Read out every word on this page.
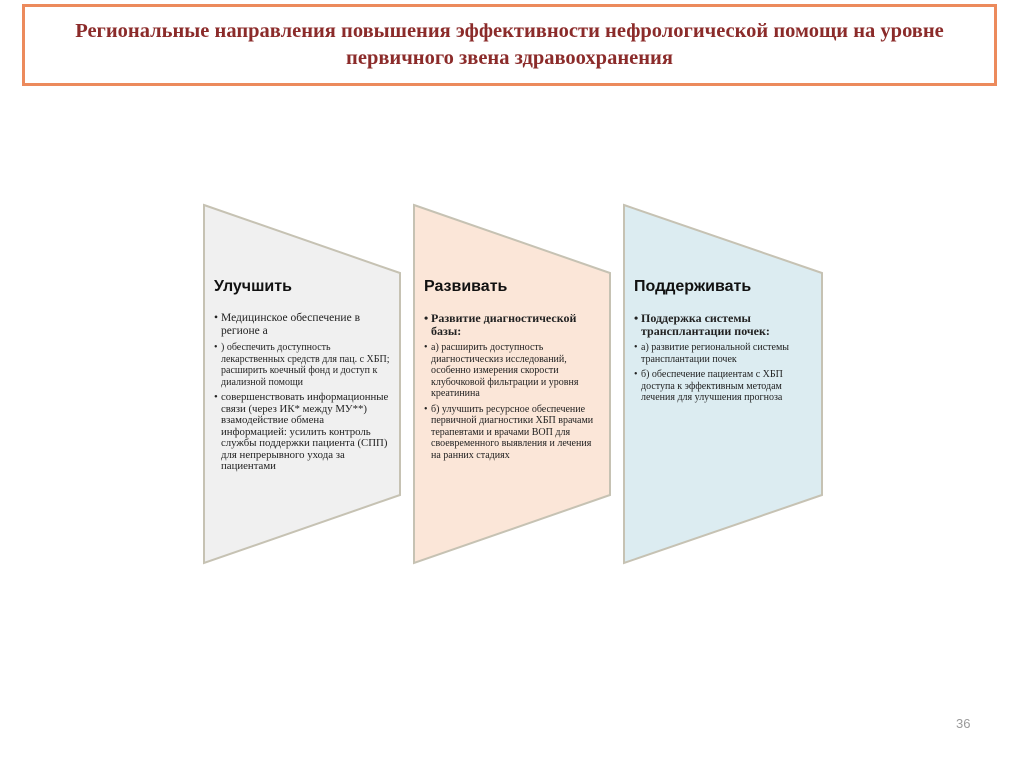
Региональные направления повышения эффективности нефрологической помощи на уровне первичного звена здравоохранения
Улучшить
• Медицинское обеспечение в регионе а
• ) обеспечить доступность лекарственных средств для пац. с ХБП; расширить коечный фонд и доступ к диализной помощи
• совершенствовать информационные связи (через ИК* между МУ**) взамодействие обмена информацией: усилить контроль службы поддержки пациента (СПП) для непрерывного ухода за пациентами
Развивать
• Развитие диагностической базы:
• а) расширить доступность диагностическиз исследований, особенно измерения скорости клубочковой фильтрации и уровня креатинина
• б) улучшить ресурсное обеспечение первичной диагностики ХБП врачами терапевтами и врачами ВОП для своевременного выявления и лечения на ранних стадиях
Поддерживать
• Поддержка системы трансплантации почек:
• а) развитие региональной системы трансплантации почек
• б) обеспечение пациентам с ХБП доступа к эффективным методам лечения для улучшения прогноза
36
